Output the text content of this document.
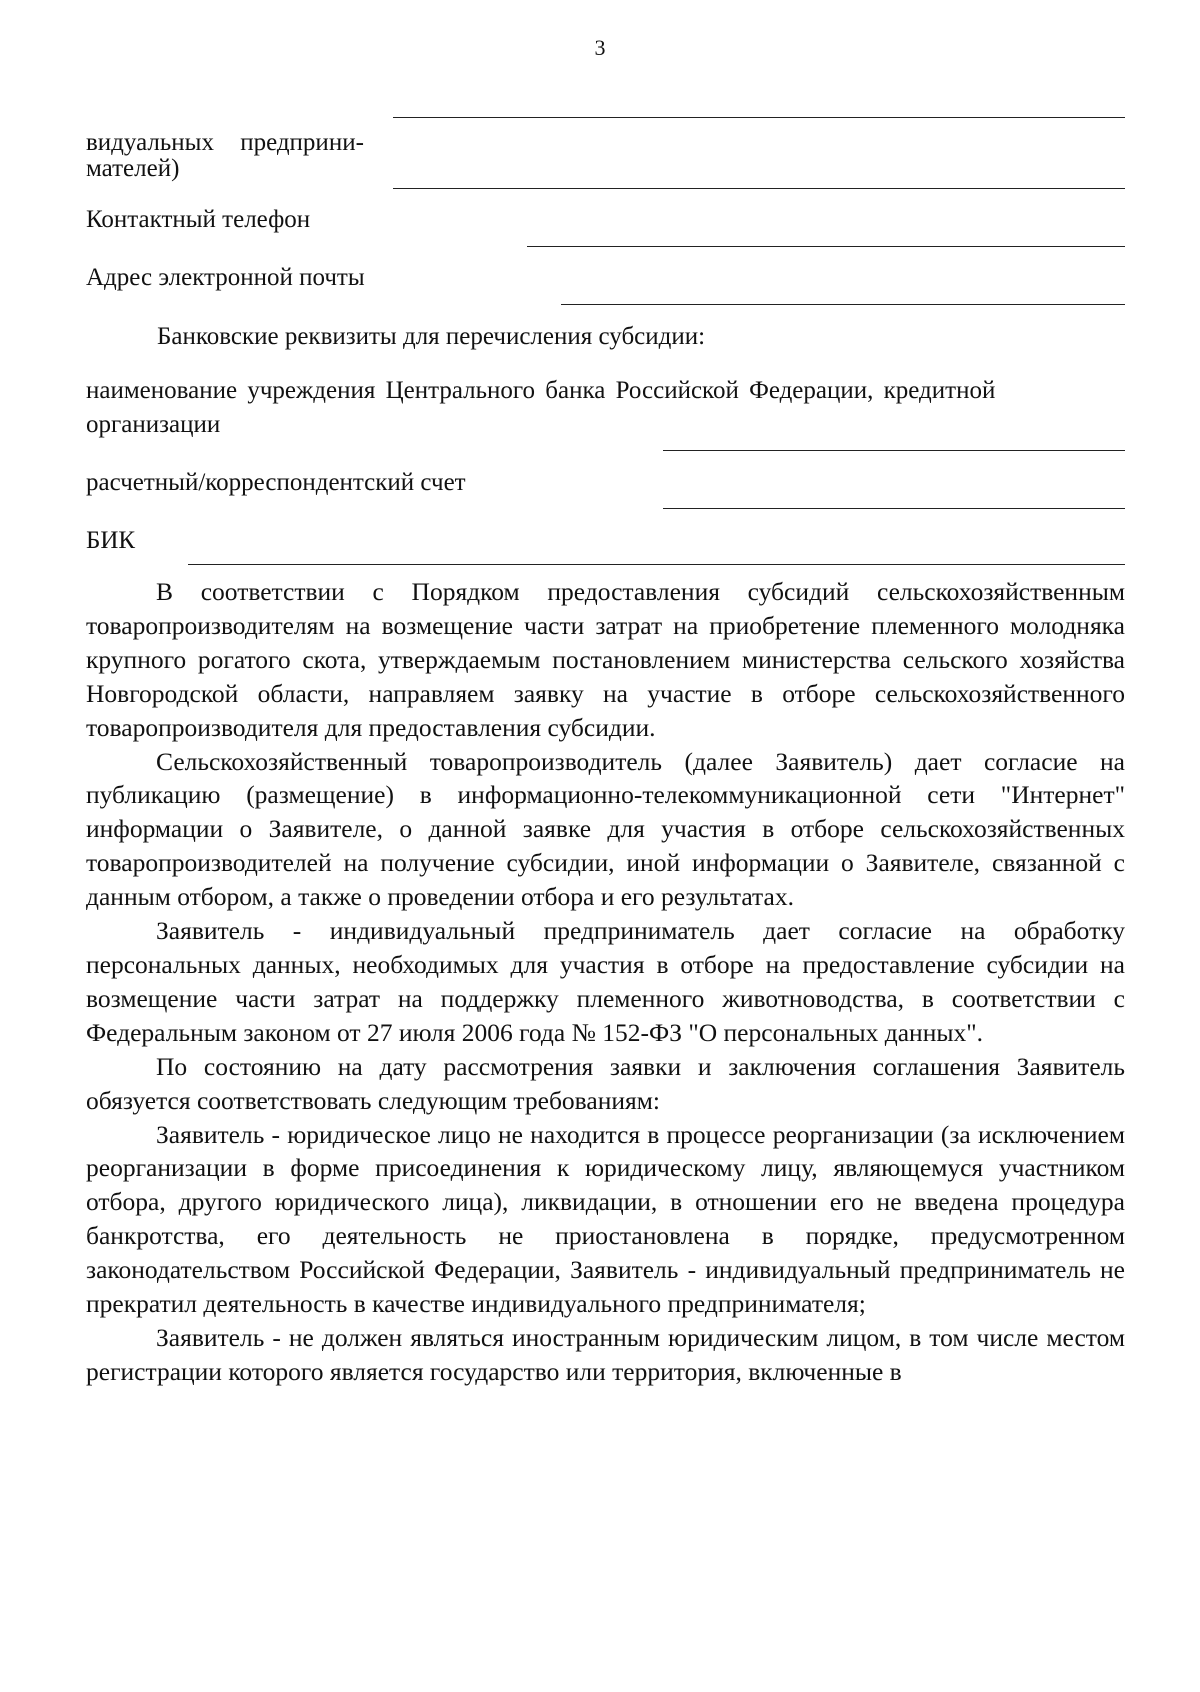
3
видуальных предприни-
мателей)
Контактный телефон
Адрес электронной почты
Банковские реквизиты для перечисления субсидии:
наименование учреждения Центрального банка Российской Федерации, кредитной
организации
расчетный/корреспондентский счет
БИК

В соответствии с Порядком предоставления субсидий сельскохозяйственным товаропроизводителям на возмещение части затрат на приобретение племенного молодняка крупного рогатого скота, утверждаемым постановлением министерства сельского хозяйства Новгородской области, направляем заявку на участие в отборе сельскохозяйственного товаропроизводителя для предоставления субсидии.

Сельскохозяйственный товаропроизводитель (далее Заявитель) дает согласие на публикацию (размещение) в информационно-телекоммуникационной сети "Интернет" информации о Заявителе, о данной заявке для участия в отборе сельскохозяйственных товаропроизводителей на получение субсидии, иной информации о Заявителе, связанной с данным отбором, а также о проведении отбора и его результатах.

Заявитель - индивидуальный предприниматель дает согласие на обработку персональных данных, необходимых для участия в отборе на предоставление субсидии на возмещение части затрат на поддержку племенного животноводства, в соответствии с Федеральным законом от 27 июля 2006 года № 152-ФЗ "О персональных данных".

По состоянию на дату рассмотрения заявки и заключения соглашения Заявитель обязуется соответствовать следующим требованиям:

Заявитель - юридическое лицо не находится в процессе реорганизации (за исключением реорганизации в форме присоединения к юридическому лицу, являющемуся участником отбора, другого юридического лица), ликвидации, в отношении его не введена процедура банкротства, его деятельность не приостановлена в порядке, предусмотренном законодательством Российской Федерации, Заявитель - индивидуальный предприниматель не прекратил деятельность в качестве индивидуального предпринимателя;

Заявитель - не должен являться иностранным юридическим лицом, в том числе местом регистрации которого является государство или территория, включенные в
